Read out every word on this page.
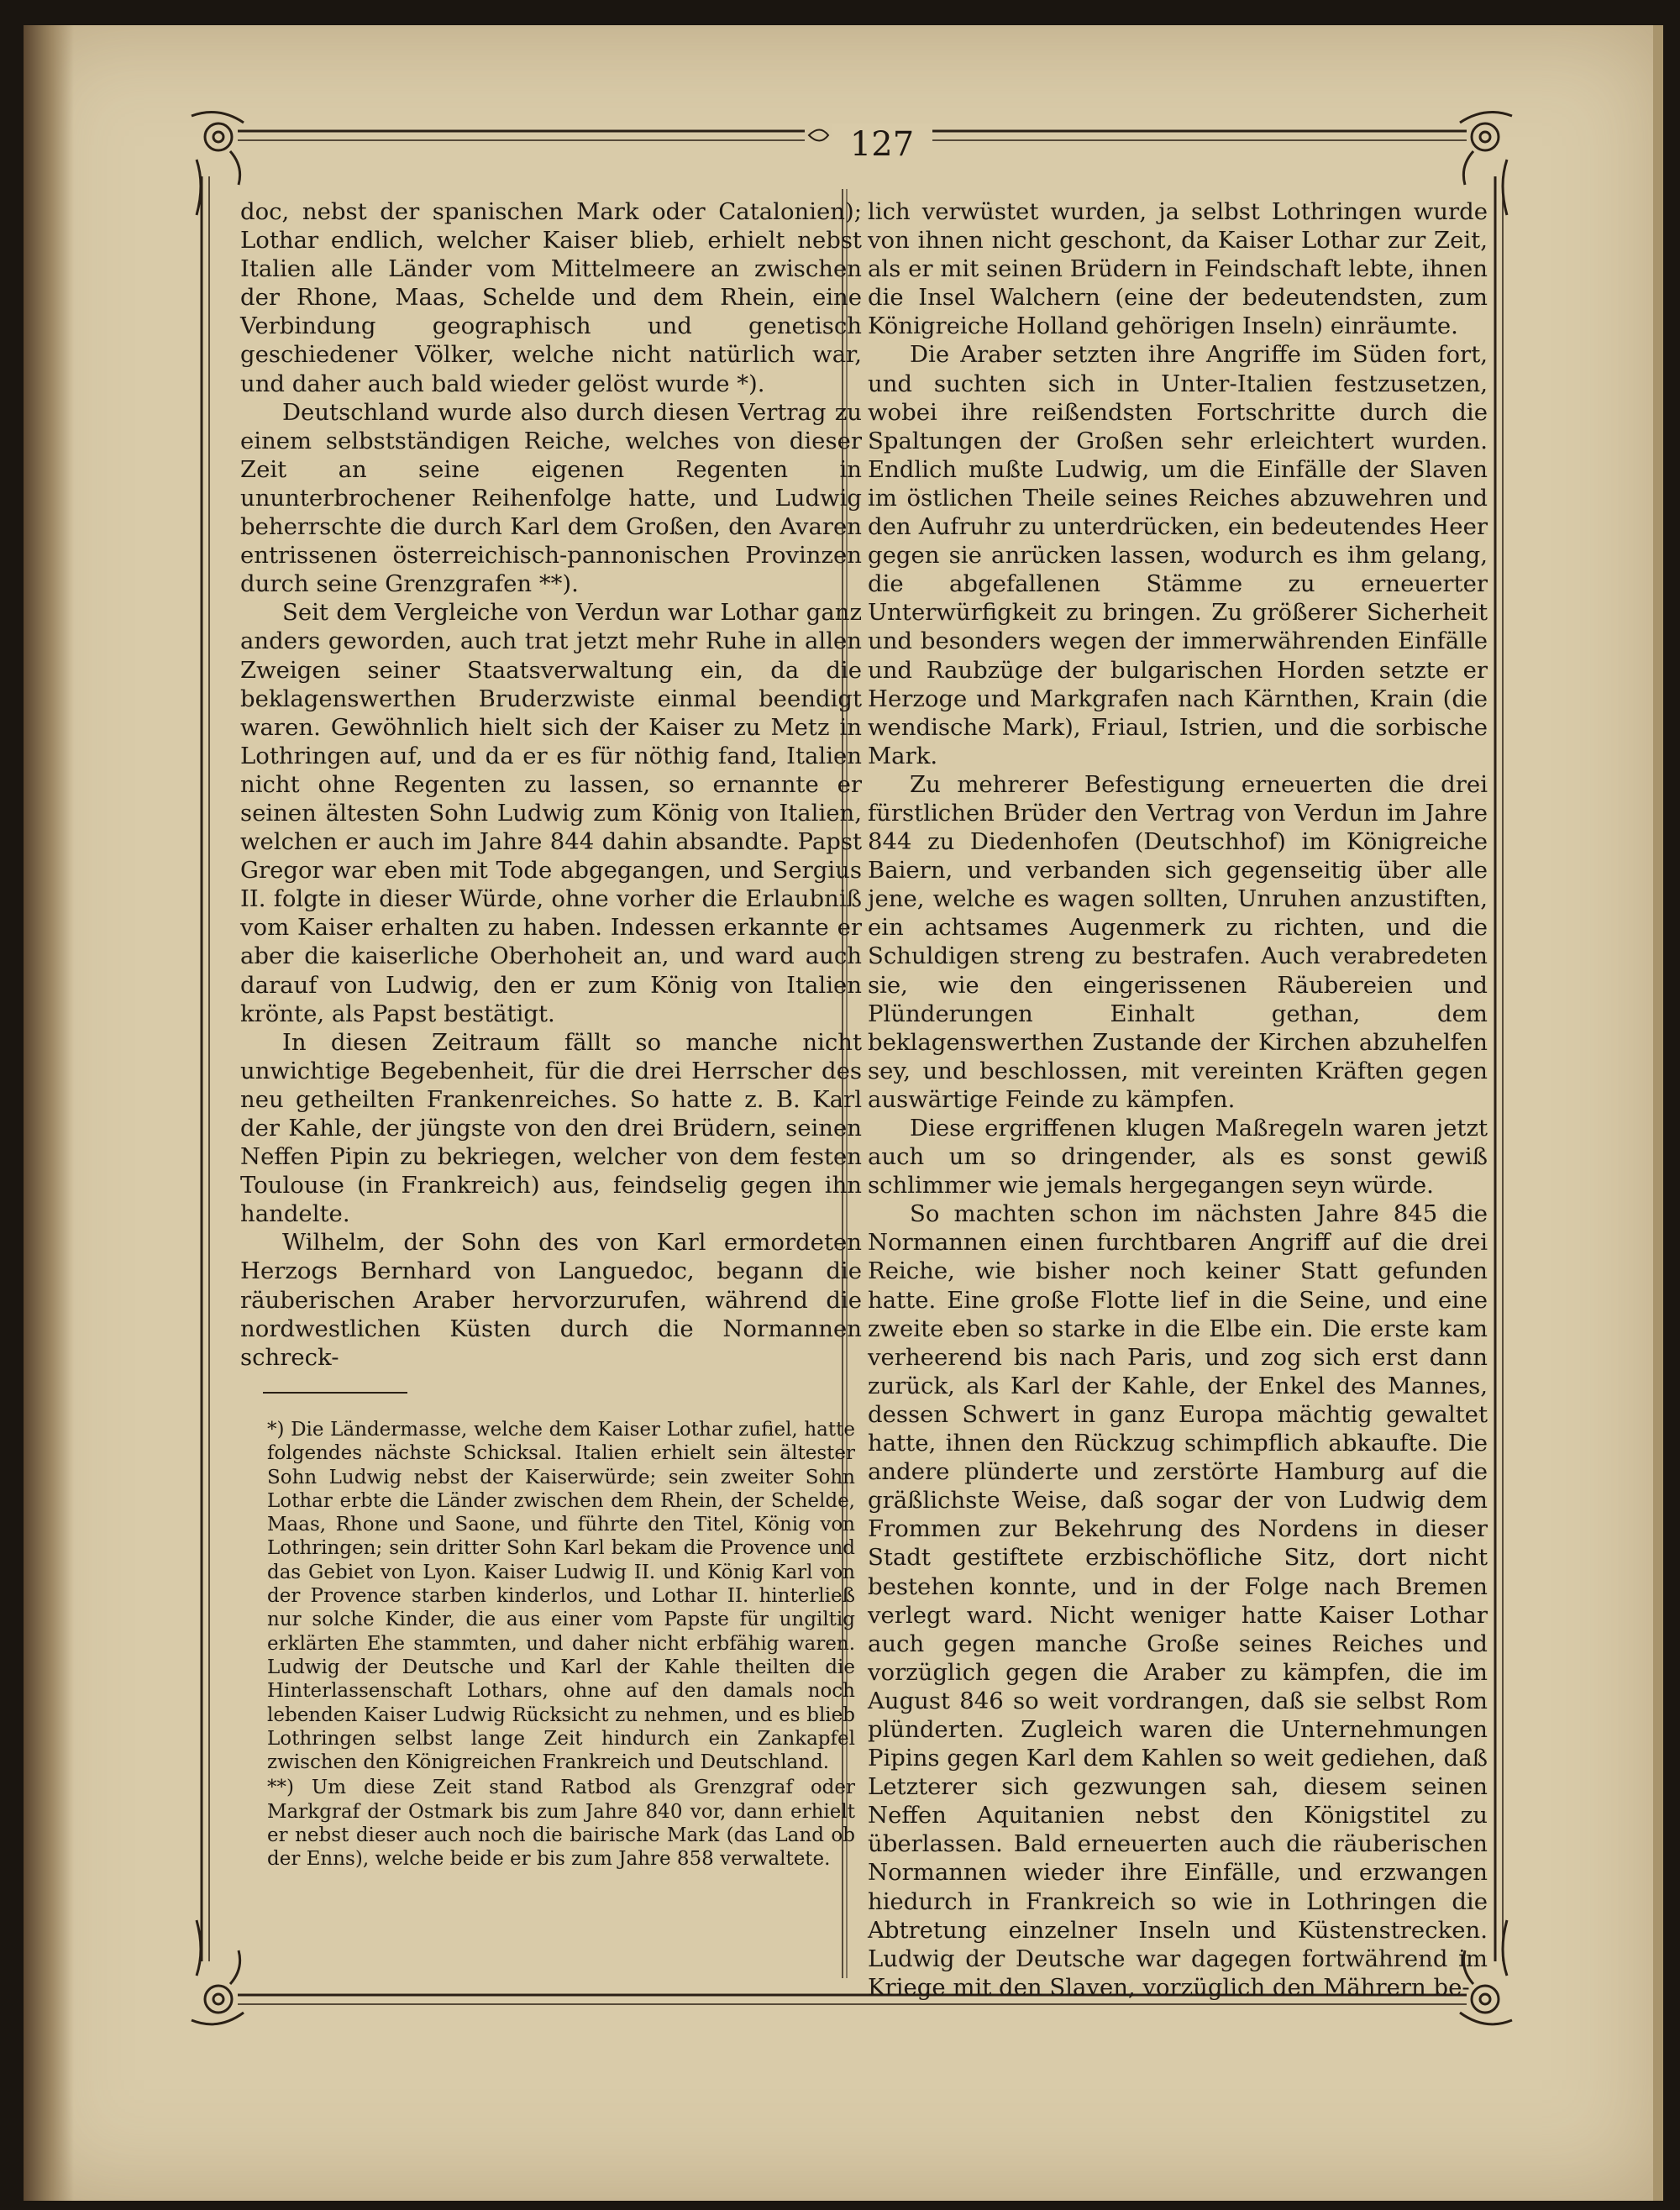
127

doc, nebst der spanischen Mark oder Catalonien); Lothar endlich, welcher Kaiser blieb, erhielt nebst Italien alle Länder vom Mittelmeere an zwischen der Rhone, Maas, Schelde und dem Rhein, eine Verbindung geographisch und genetisch geschiedener Völker, welche nicht natürlich war, und daher auch bald wieder gelöst wurde *).

Deutschland wurde also durch diesen Vertrag zu einem selbstständigen Reiche, welches von dieser Zeit an seine eigenen Regenten in ununterbrochener Reihenfolge hatte, und Ludwig beherrschte die durch Karl dem Großen, den Avaren entrissenen österreichisch-pannonischen Provinzen durch seine Grenzgrafen **).

Seit dem Vergleiche von Verdun war Lothar ganz anders geworden, auch trat jetzt mehr Ruhe in allen Zweigen seiner Staatsverwaltung ein, da die beklagenswerthen Bruderzwiste einmal beendigt waren. Gewöhnlich hielt sich der Kaiser zu Metz in Lothringen auf, und da er es für nöthig fand, Italien nicht ohne Regenten zu lassen, so ernannte er seinen ältesten Sohn Ludwig zum König von Italien, welchen er auch im Jahre 844 dahin absandte. Papst Gregor war eben mit Tode abgegangen, und Sergius II. folgte in dieser Würde, ohne vorher die Erlaubniß vom Kaiser erhalten zu haben. Indessen erkannte er aber die kaiserliche Oberhoheit an, und ward auch darauf von Ludwig, den er zum König von Italien krönte, als Papst bestätigt.

In diesen Zeitraum fällt so manche nicht unwichtige Begebenheit, für die drei Herrscher des neu getheilten Frankenreiches. So hatte z. B. Karl der Kahle, der jüngste von den drei Brüdern, seinen Neffen Pipin zu bekriegen, welcher von dem festen Toulouse (in Frankreich) aus, feindselig gegen ihn handelte.

Wilhelm, der Sohn des von Karl ermordeten Herzogs Bernhard von Languedoc, begann die räuberischen Araber hervorzurufen, während die nordwestlichen Küsten durch die Normannen schreck-

*) Die Ländermasse, welche dem Kaiser Lothar zufiel, hatte folgendes nächste Schicksal. Italien erhielt sein ältester Sohn Ludwig nebst der Kaiserwürde; sein zweiter Sohn Lothar erbte die Länder zwischen dem Rhein, der Schelde, Maas, Rhone und Saone, und führte den Titel, König von Lothringen; sein dritter Sohn Karl bekam die Provence und das Gebiet von Lyon. Kaiser Ludwig II. und König Karl von der Provence starben kinderlos, und Lothar II. hinterließ nur solche Kinder, die aus einer vom Papste für ungiltig erklärten Ehe stammten, und daher nicht erbfähig waren. Ludwig der Deutsche und Karl der Kahle theilten die Hinterlassenschaft Lothars, ohne auf den damals noch lebenden Kaiser Ludwig Rücksicht zu nehmen, und es blieb Lothringen selbst lange Zeit hindurch ein Zankapfel zwischen den Königreichen Frankreich und Deutschland.

**) Um diese Zeit stand Ratbod als Grenzgraf oder Markgraf der Ostmark bis zum Jahre 840 vor, dann erhielt er nebst dieser auch noch die bairische Mark (das Land ob der Enns), welche beide er bis zum Jahre 858 verwaltete.

lich verwüstet wurden, ja selbst Lothringen wurde von ihnen nicht geschont, da Kaiser Lothar zur Zeit, als er mit seinen Brüdern in Feindschaft lebte, ihnen die Insel Walchern (eine der bedeutendsten, zum Königreiche Holland gehörigen Inseln) einräumte.

Die Araber setzten ihre Angriffe im Süden fort, und suchten sich in Unter-Italien festzusetzen, wobei ihre reißendsten Fortschritte durch die Spaltungen der Großen sehr erleichtert wurden. Endlich mußte Ludwig, um die Einfälle der Slaven im östlichen Theile seines Reiches abzuwehren und den Aufruhr zu unterdrücken, ein bedeutendes Heer gegen sie anrücken lassen, wodurch es ihm gelang, die abgefallenen Stämme zu erneuerter Unterwürfigkeit zu bringen. Zu größerer Sicherheit und besonders wegen der immerwährenden Einfälle und Raubzüge der bulgarischen Horden setzte er Herzoge und Markgrafen nach Kärnthen, Krain (die wendische Mark), Friaul, Istrien, und die sorbische Mark.

Zu mehrerer Befestigung erneuerten die drei fürstlichen Brüder den Vertrag von Verdun im Jahre 844 zu Diedenhofen (Deutschhof) im Königreiche Baiern, und verbanden sich gegenseitig über alle jene, welche es wagen sollten, Unruhen anzustiften, ein achtsames Augenmerk zu richten, und die Schuldigen streng zu bestrafen. Auch verabredeten sie, wie den eingerissenen Räubereien und Plünderungen Einhalt gethan, dem beklagenswerthen Zustande der Kirchen abzuhelfen sey, und beschlossen, mit vereinten Kräften gegen auswärtige Feinde zu kämpfen.

Diese ergriffenen klugen Maßregeln waren jetzt auch um so dringender, als es sonst gewiß schlimmer wie jemals hergegangen seyn würde.

So machten schon im nächsten Jahre 845 die Normannen einen furchtbaren Angriff auf die drei Reiche, wie bisher noch keiner Statt gefunden hatte. Eine große Flotte lief in die Seine, und eine zweite eben so starke in die Elbe ein. Die erste kam verheerend bis nach Paris, und zog sich erst dann zurück, als Karl der Kahle, der Enkel des Mannes, dessen Schwert in ganz Europa mächtig gewaltet hatte, ihnen den Rückzug schimpflich abkaufte. Die andere plünderte und zerstörte Hamburg auf die gräßlichste Weise, daß sogar der von Ludwig dem Frommen zur Bekehrung des Nordens in dieser Stadt gestiftete erzbischöfliche Sitz, dort nicht bestehen konnte, und in der Folge nach Bremen verlegt ward. Nicht weniger hatte Kaiser Lothar auch gegen manche Große seines Reiches und vorzüglich gegen die Araber zu kämpfen, die im August 846 so weit vordrangen, daß sie selbst Rom plünderten. Zugleich waren die Unternehmungen Pipins gegen Karl dem Kahlen so weit gediehen, daß Letzterer sich gezwungen sah, diesem seinen Neffen Aquitanien nebst den Königstitel zu überlassen. Bald erneuerten auch die räuberischen Normannen wieder ihre Einfälle, und erzwangen hiedurch in Frankreich so wie in Lothringen die Abtretung einzelner Inseln und Küstenstrecken. Ludwig der Deutsche war dagegen fortwährend im Kriege mit den Slaven, vorzüglich den Mährern be-
